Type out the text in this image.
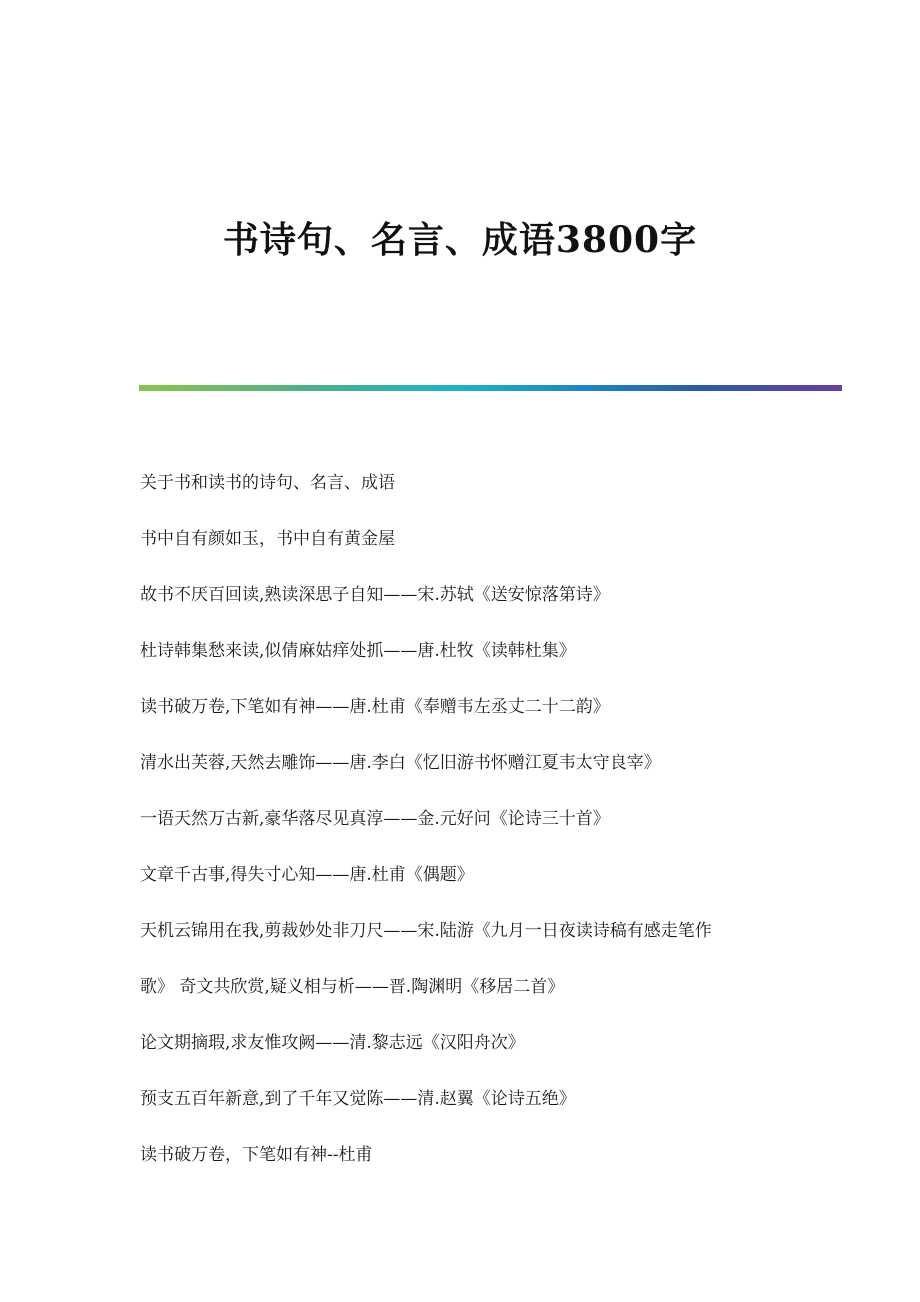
书诗句、名言、成语3800字
关于书和读书的诗句、名言、成语
书中自有颜如玉，书中自有黄金屋
故书不厌百回读,熟读深思子自知——宋.苏轼《送安惊落第诗》
杜诗韩集愁来读,似倩麻姑痒处抓——唐.杜牧《读韩杜集》
读书破万卷,下笔如有神——唐.杜甫《奉赠韦左丞丈二十二韵》
清水出芙蓉,天然去雕饰——唐.李白《忆旧游书怀赠江夏韦太守良宰》
一语天然万古新,豪华落尽见真淳——金.元好问《论诗三十首》
文章千古事,得失寸心知——唐.杜甫《偶题》
天机云锦用在我,剪裁妙处非刀尺——宋.陆游《九月一日夜读诗稿有感走笔作
歌》 奇文共欣赏,疑义相与析——晋.陶渊明《移居二首》
论文期摘瑕,求友惟攻阙——清.黎志远《汉阳舟次》
预支五百年新意,到了千年又觉陈——清.赵翼《论诗五绝》
读书破万卷，下笔如有神--杜甫
